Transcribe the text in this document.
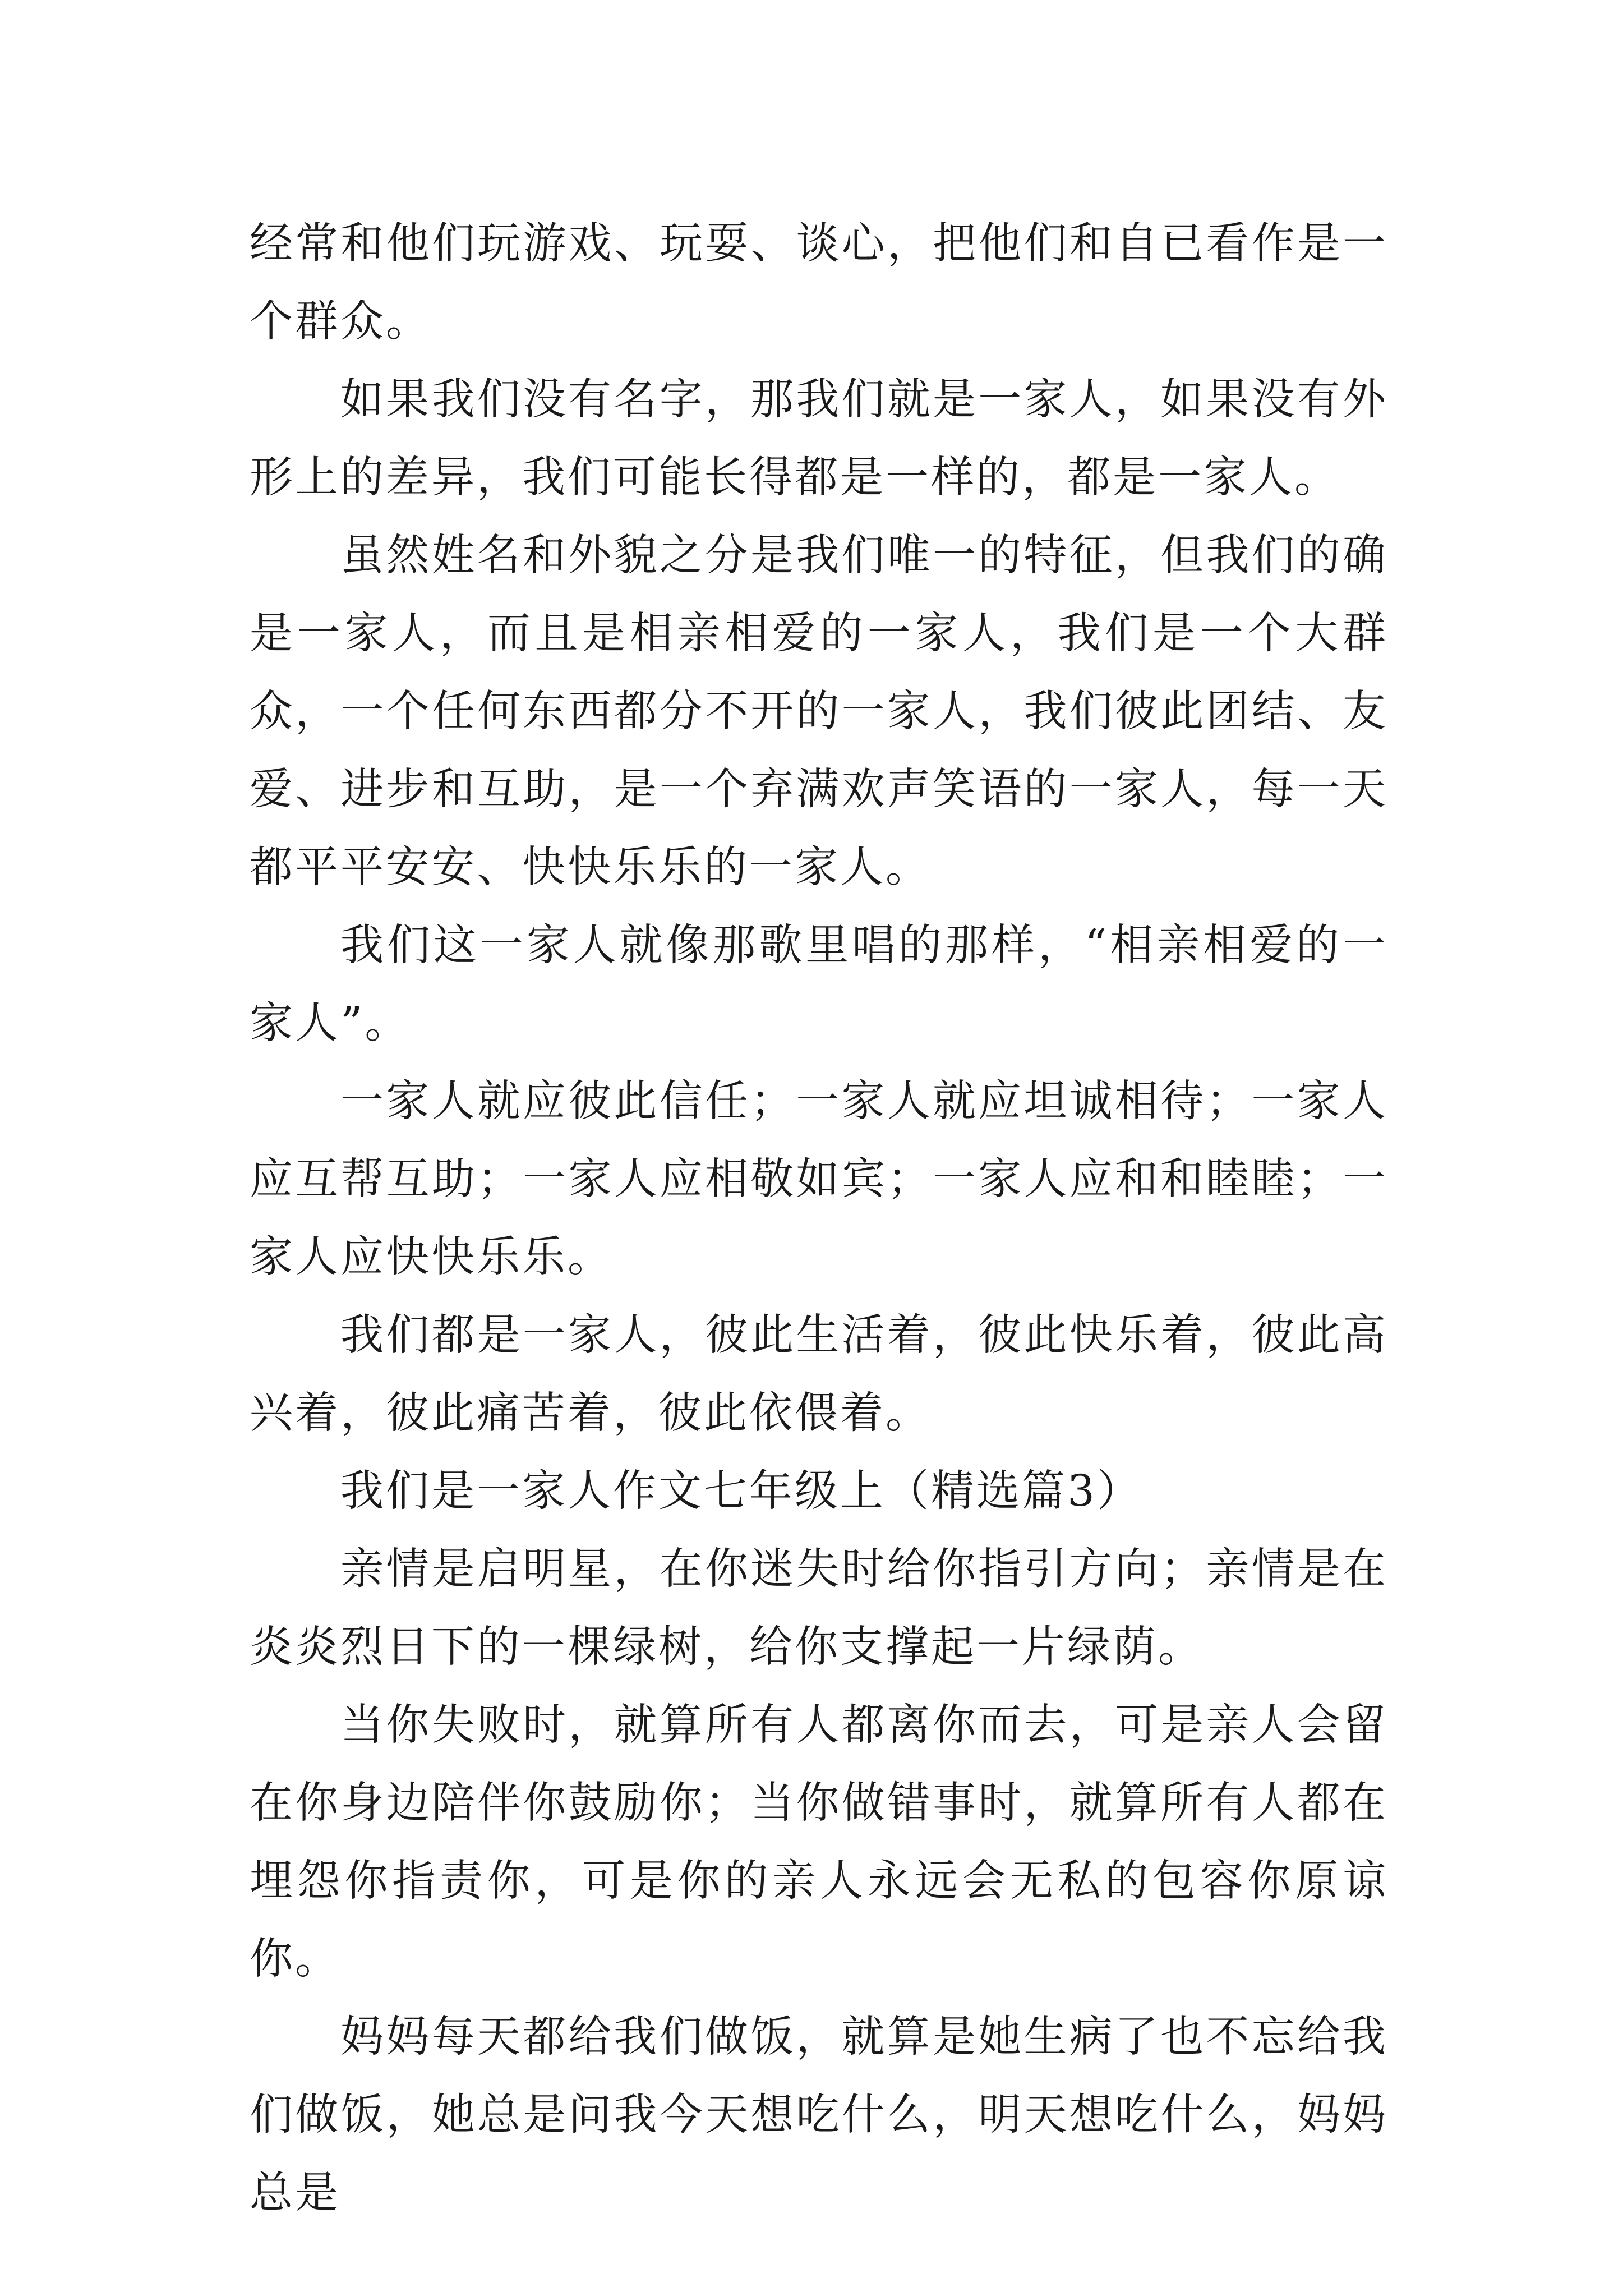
经常和他们玩游戏、玩耍、谈心，把他们和自已看作是一个群众。

如果我们没有名字，那我们就是一家人，如果没有外形上的差异，我们可能长得都是一样的，都是一家人。

虽然姓名和外貌之分是我们唯一的特征，但我们的确是一家人，而且是相亲相爱的一家人，我们是一个大群众，一个任何东西都分不开的一家人，我们彼此团结、友爱、进步和互助，是一个弃满欢声笑语的一家人，每一天都平平安安、快快乐乐的一家人。

我们这一家人就像那歌里唱的那样，“相亲相爱的一家人”。

一家人就应彼此信任；一家人就应坦诚相待；一家人应互帮互助；一家人应相敬如宾；一家人应和和睦睦；一家人应快快乐乐。

我们都是一家人，彼此生活着，彼此快乐着，彼此高兴着，彼此痛苦着，彼此依偎着。

我们是一家人作文七年级上（精选篇3）

亲情是启明星，在你迷失时给你指引方向；亲情是在炎炎烈日下的一棵绿树，给你支撑起一片绿荫。

当你失败时，就算所有人都离你而去，可是亲人会留在你身边陪伴你鼓励你；当你做错事时，就算所有人都在埋怨你指责你，可是你的亲人永远会无私的包容你原谅你。

妈妈每天都给我们做饭，就算是她生病了也不忘给我们做饭，她总是问我今天想吃什么，明天想吃什么，妈妈总是
